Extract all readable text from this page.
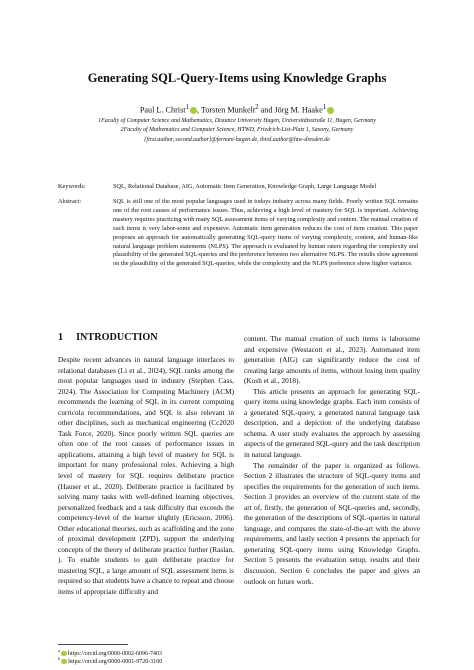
Generating SQL-Query-Items using Knowledge Graphs
Paul L. Christ$^1$ , Torsten Munkelt$^2$ and Jörg M. Haake$^1$
1Faculty of Computer Science and Mathematics, Distance University Hagen, Universitätsstraße 11, Hagen, Germany
2Faculty of Mathematics and Computer Science, HTWD, Friedrich-List-Platz 1, Saxony, Germany
{first.author, second.author}@fernuni-hagen.de, third.author@htw-dresden.de
Keywords:	SQL, Relational Database, AIG, Automatic Item Generation, Knowledge Graph, Large Language Model
Abstract:	SQL is still one of the most popular languages used in todays industry across many fields. Poorly written SQL remains one of the root causes of performance issues. Thus, achieving a high level of mastery for SQL is important. Achieving mastery requires practicing with many SQL assessment items of varying complexity and content. The manual creation of such items is very labor-some and expensive. Automatic item generation reduces the cost of item creation. This paper proposes an approach for automatically generating SQL-query items of varying complexity, content, and human-like natural language problem statements (NLPS). The approach is evaluated by human raters regarding the complexity and plausibility of the generated SQL-queries and the preference between two alternative NLPS. The results show agreement on the plausibility of the generated SQL-queries, while the complexity and the NLPS preference show higher variance.

1 INTRODUCTION

Despite recent advances in natural language interfaces to relational databases (Li et al., 2024), SQL ranks among the most popular languages used in industry (Stephen Cass, 2024). The Association for Computing Machinery (ACM) recommends the learning of SQL in its current computing curricula recommendations, and SQL is also relevant in other disciplines, such as mechanical engineering (Cc2020 Task Force, 2020). Since poorly written SQL queries are often one of the root causes of performance issues in applications, attaining a high level of mastery for SQL is important for many professional roles. Achieving a high level of mastery for SQL requires deliberate practice (Hauser et al., 2020). Deliberate practice is facilitated by solving many tasks with well-defined learning objectives, personalized feedback and a task difficulty that exceeds the competency-level of the learner slightly (Ericsson, 2006). Other educational theories, such as scaffolding and the zone of proximal development (ZPD), support the underlying concepts of the theory of deliberate practice further (Raslan, ). To enable students to gain deliberate practice for mastering SQL, a large amount of SQL assessment items is required so that students have a chance to repeat and choose items of appropriate difficulty and

content. The manual creation of such items is laborsome and expensive (Westacott et al., 2023). Automated item generation (AIG) can significantly reduce the cost of creating large amounts of items, without losing item quality (Kosh et al., 2018).

This article presents an approach for generating SQL-query items using knowledge graphs. Each item consists of a generated SQL-query, a generated natural language task description, and a depiction of the underlying database schema. A user study evaluates the approach by assessing aspects of the generated SQL-query and the task description in natural language.

The remainder of the paper is organized as follows. Section 2 illustrates the structure of SQL-query items and specifies the requirements for the generation of such items. Section 3 provides an overview of the current state of the art of, firstly, the generation of SQL-queries and, secondly, the generation of the descriptions of SQL-queries in natural language, and compares the state-of-the-art with the above requirements, and lastly section 4 presents the approach for generating SQL-query items using Knowledge Graphs. Section 5 presents the evaluation setup, results and their discussion. Section 6 concludes the paper and gives an outlook on future work.

$^a$ https://orcid.org/0000-0002-6096-7403
$^b$ https://orcid.org/0000-0001-9720-3100
